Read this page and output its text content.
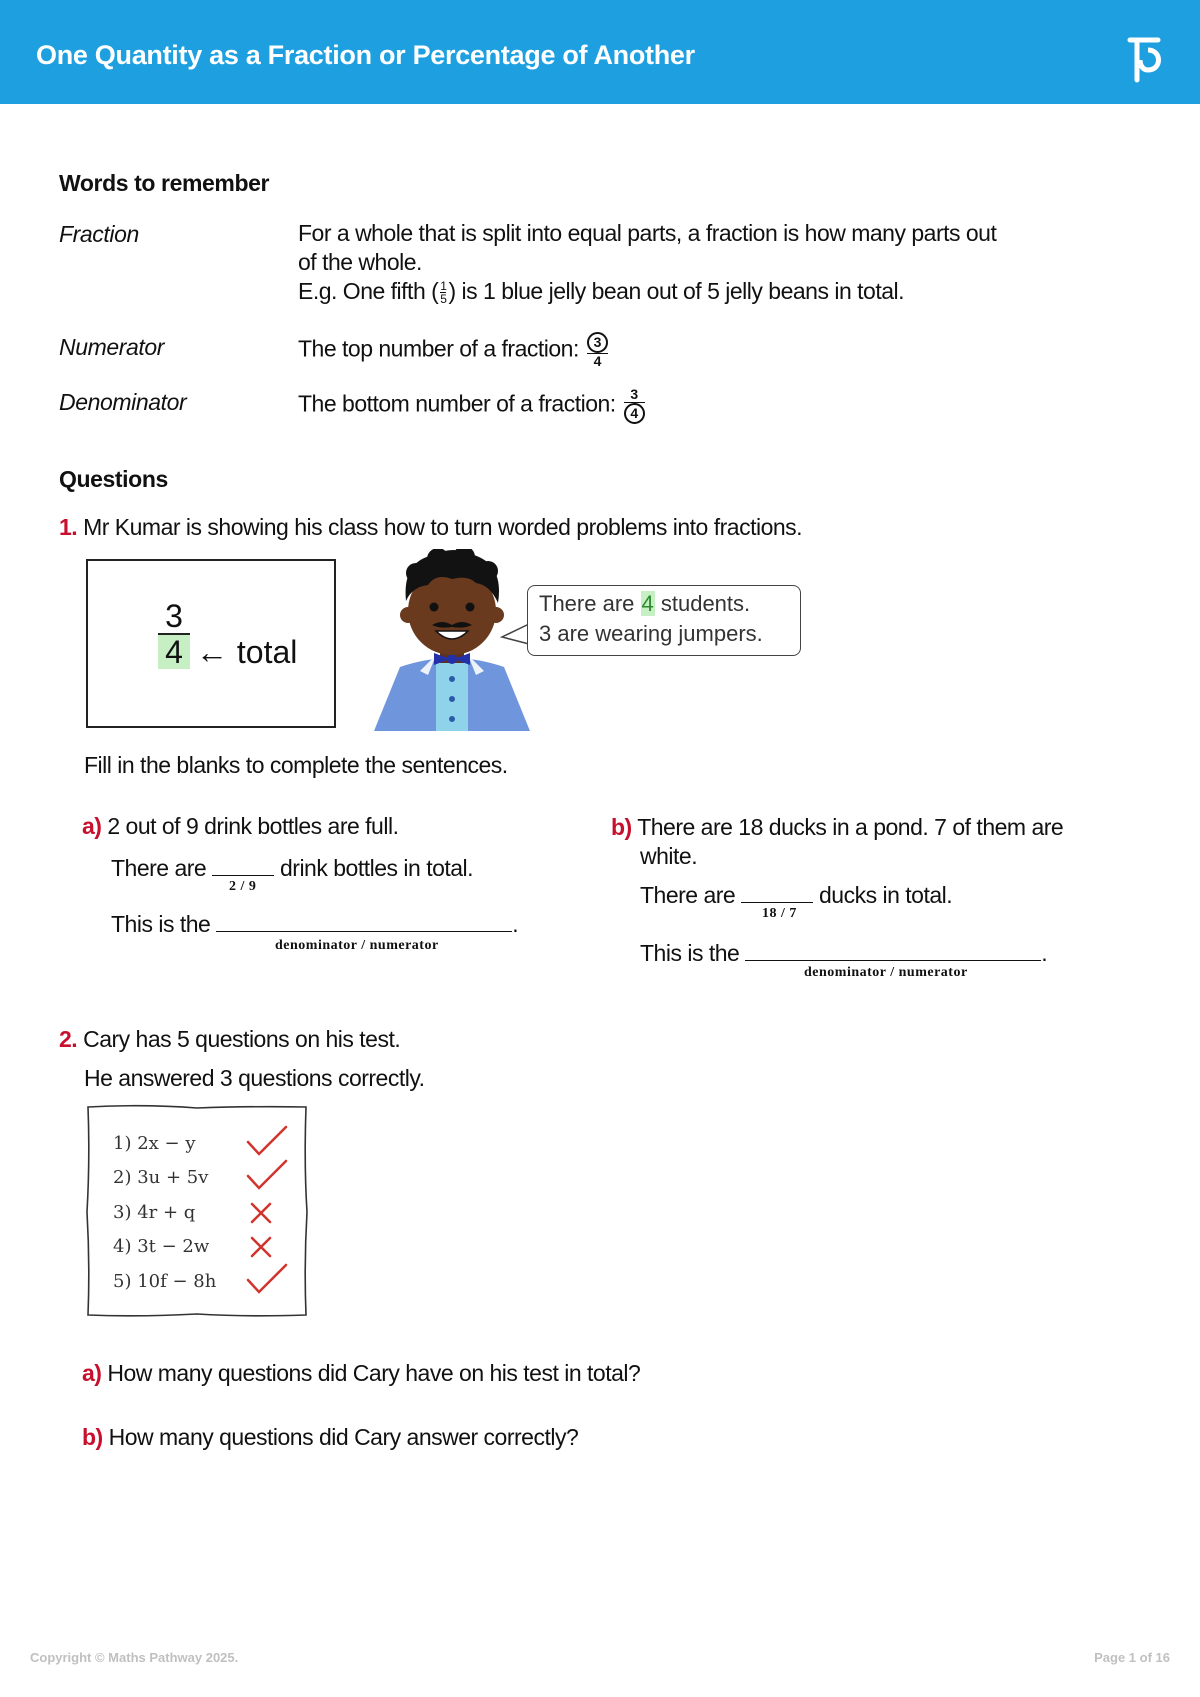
One Quantity as a Fraction or Percentage of Another
Words to remember
Fraction	For a whole that is split into equal parts, a fraction is how many parts out
of the whole.
E.g. One fifth ( $\frac{1}{5}$ ) is 1 blue jelly bean out of 5 jelly beans in total.
Numerator	The top number of a fraction: $\frac{3}{4}$
Denominator	The bottom number of a fraction: $\frac{3}{4}$
Questions
1. Mr Kumar is showing his class how to turn worded problems into fractions.
3
4 ← total
There are 4 students.
3 are wearing jumpers.
Fill in the blanks to complete the sentences.
a) 2 out of 9 drink bottles are full.
There are	drink bottles in total.
2 / 9
This is the	.
denominator / numerator
b) There are 18 ducks in a pond. 7 of them are
white.
There are	ducks in total.
18 / 7
This is the	.
denominator / numerator
2. Cary has 5 questions on his test.
He answered 3 questions correctly.
1) 2x − y
2) 3u + 5v
3) 4r + q
4) 3t − 2w
5) 10f − 8h
a) How many questions did Cary have on his test in total?
b) How many questions did Cary answer correctly?
Copyright © Maths Pathway 2025.	Page 1 of 16
